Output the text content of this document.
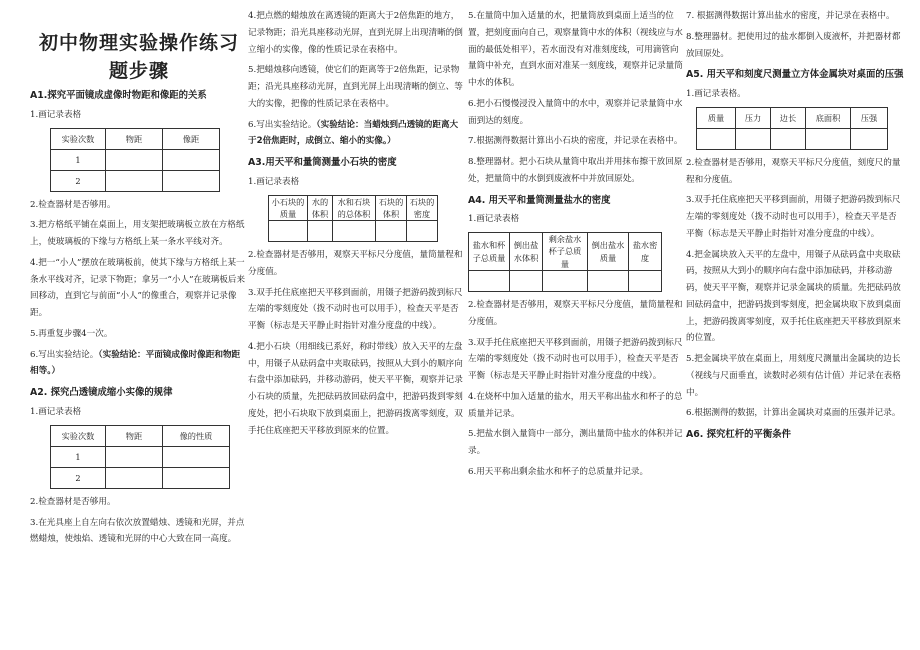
初中物理实验操作练习题步骤
A1.探究平面镜成虚像时物距和像距的关系
1.画记录表格
实验次数	物距	像距
1		
2		
2.检查器材是否够用。
3.把方格纸平铺在桌面上，用支架把玻璃板立放在方格纸上，使玻璃板的下缘与方格纸上某一条水平线对齐。
4.把一“小人”摆放在玻璃板前，使其下缘与方格纸上某一条水平线对齐，记录下物距；拿另一“小人”在玻璃板后来回移动，直到它与前面“小人”的像重合，观察并记录像距。
5.再重复步骤4一次。
6.写出实验结论。（实验结论：平面镜成像时像距和物距相等。）
A2. 探究凸透镜成缩小实像的规律
1.画记录表格
实验次数	物距	像的性质
1		
2		
2.检查器材是否够用。
3.在光具座上自左向右依次放置蜡烛、透镜和光屏，并点燃蜡烛，使烛焰、透镜和光屏的中心大致在同一高度。
4.把点燃的蜡烛放在离透镜的距离大于2倍焦距的地方，记录物距；沿光具座移动光屏，直到光屏上出现清晰的倒立缩小的实像，像的性质记录在表格中。
5.把蜡烛移向透镜，使它们的距离等于2倍焦距，记录物距；沿光具座移动光屏，直到光屏上出现清晰的倒立、等大的实像，把像的性质记录在表格中。
6.写出实验结论。（实验结论：当蜡烛到凸透镜的距离大于2倍焦距时，成倒立、缩小的实像。）
A3.用天平和量筒测量小石块的密度
1.画记录表格
小石块的质量	水的体积	水和石块的总体积	石块的体积	石块的密度

2.检查器材是否够用，观察天平标尺分度值，量筒量程和分度值。
3.双手托住底座把天平移到面前，用镊子把游码拨到标尺左端的零刻度处（拨不动时也可以用手），检查天平是否平衡（标志是天平静止时指针对准分度盘的中线）。
4.把小石块（用细线已系好，称时带线）放入天平的左盘中，用镊子从砝码盒中夹取砝码，按照从大到小的顺序向右盘中添加砝码，并移动游码，使天平平衡，观察并记录小石块的质量，先把砝码放回砝码盒中，把游码拨到零刻度处，把小石块取下放到桌面上，把游码拨离零刻度，双手托住底座把天平移放到原来的位置。
5.在量筒中加入适量的水，把量筒放到桌面上适当的位置，把刻度面向自己，观察量筒中水的体积（视线应与水面的最低处相平），若水面没有对准刻度线，可用滴管向量筒中补充，直到水面对准某一刻度线，观察并记录量筒中水的体积。
6.把小石慢慢浸没入量筒中的水中，观察并记录量筒中水面到达的刻度。
7.根据测得数据计算出小石块的密度，并记录在表格中。
8.整理器材。把小石块从量筒中取出并用抹布擦干放回原处，把量筒中的水倒到废液杯中并放回原处。
A4. 用天平和量筒测量盐水的密度
1.画记录表格
盐水和杯子总质量	倒出盐水体积	剩余盐水杯子总质量	倒出盐水质量	盐水密度

2.检查器材是否够用，观察天平标尺分度值，量筒量程和分度值。
3.双手托住底座把天平移到面前，用镊子把游码拨到标尺左端的零刻度处（拨不动时也可以用手），检查天平是否平衡（标志是天平静止时指针对准分度盘的中线）。
4.在烧杯中加入适量的盐水，用天平称出盐水和杯子的总质量并记录。
5.把盐水倒入量筒中一部分，测出量筒中盐水的体积并记录。
6.用天平称出剩余盐水和杯子的总质量并记录。
7. 根据测得数据计算出盐水的密度，并记录在表格中。
8.整理器材。把使用过的盐水都倒入废液杯，并把器材都放回原处。
A5. 用天平和刻度尺测量立方体金属块对桌面的压强
1.画记录表格。
质量	压力	边长	底面积	压强

2.检查器材是否够用，观察天平标尺分度值，刻度尺的量程和分度值。
3.双手托住底座把天平移到面前，用镊子把游码拨到标尺左端的零刻度处（拨不动时也可以用手），检查天平是否平衡（标志是天平静止时指针对准分度盘的中线）。
4.把金属块放入天平的左盘中，用镊子从砝码盒中夹取砝码，按照从大到小的顺序向右盘中添加砝码，并移动游码，使天平平衡，观察并记录金属块的质量。先把砝码放回砝码盒中，把游码拨到零刻度，把金属块取下放到桌面上，把游码拨离零刻度，双手托住底座把天平移放到原来的位置。
5.把金属块平放在桌面上，用刻度尺测量出金属块的边长（视线与尺面垂直，读数时必须有估计值）并记录在表格中。
6.根据测得的数据，计算出金属块对桌面的压强并记录。
A6. 探究杠杆的平衡条件
